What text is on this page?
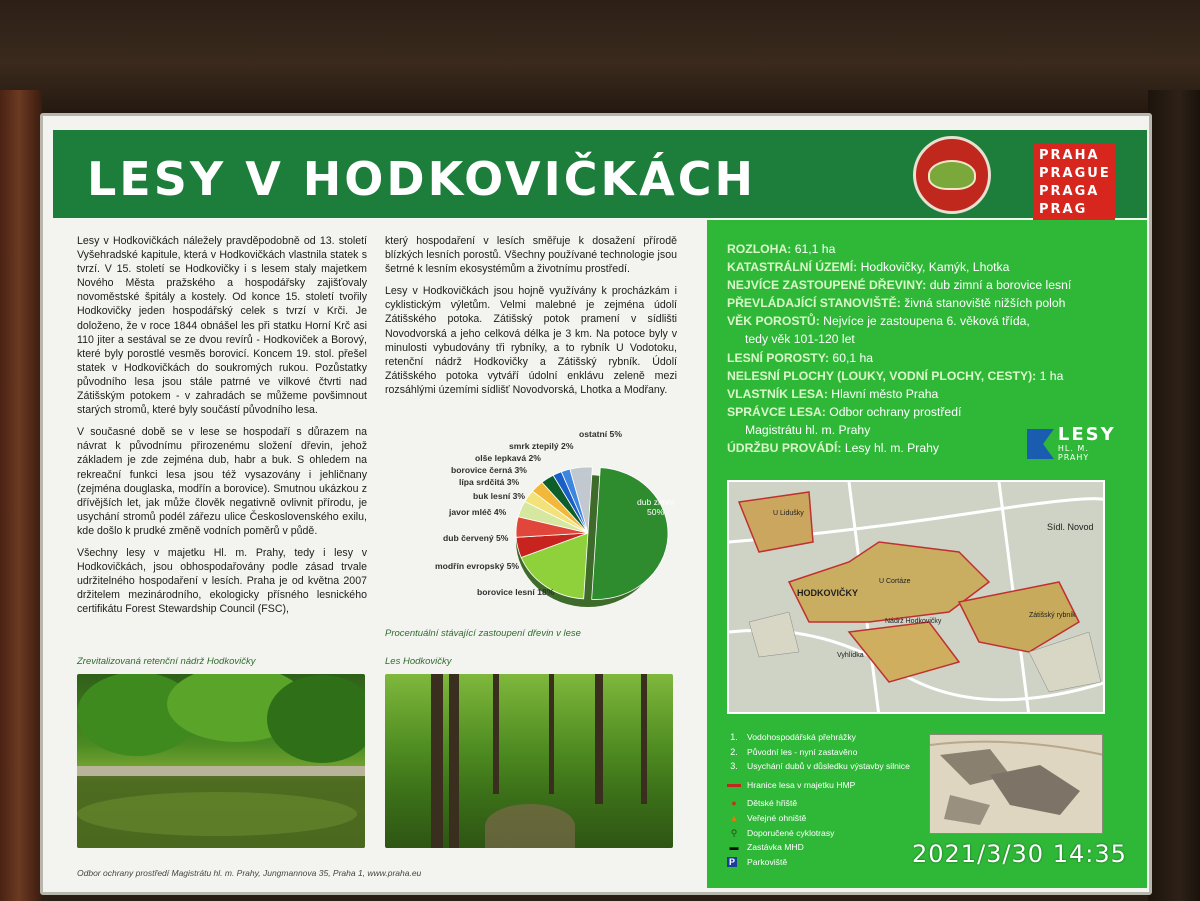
LESY V HODKOVIČKÁCH	PRAHA
PRAGUE
PRAGA
PRAG

Lesy v Hodkovičkách náležely pravděpodobně od 13. století Vyšehradské kapitule, která v Hodkovičkách vlastnila statek s tvrzí. V 15. století se Hodkovičky i s lesem staly majetkem Nového Města pražského a hospodářsky zajišťovaly novoměstské špitály a kostely. Od konce 15. století tvořily Hodkovičky jeden hospodářský celek s tvrzí v Krči. Je doloženo, že v roce 1844 obnášel les při statku Horní Krč asi 110 jiter a sestával se ze dvou revírů - Hodkoviček a Borový, které byly porostlé vesměs borovicí. Koncem 19. stol. přešel statek v Hodkovičkách do soukromých rukou. Pozůstatky původního lesa jsou stále patrné ve vilkové čtvrti nad Zátišským potokem - v zahradách se můžeme povšimnout starých stromů, které byly součástí původního lesa.

V současné době se v lese se hospodaří s důrazem na návrat k původnímu přirozenému složení dřevin, jehož základem je zde zejména dub, habr a buk. S ohledem na rekreační funkci lesa jsou též vysazovány i jehličnany (zejména douglaska, modřín a borovice). Smutnou ukázkou z dřívějších let, jak může člověk negativně ovlivnit přírodu, je usychání stromů podél zářezu ulice Československého exilu, kde došlo k prudké změně vodních poměrů v půdě.

Všechny lesy v majetku Hl. m. Prahy, tedy i lesy v Hodkovičkách, jsou obhospodařovány podle zásad trvale udržitelného hospodaření v lesích. Praha je od května 2007 držitelem mezinárodního, ekologicky přísného lesnického certifikátu Forest Stewardship Council (FSC),

který hospodaření v lesích směřuje k dosažení přírodě blízkých lesních porostů. Všechny používané technologie jsou šetrné k lesním ekosystémům a životnímu prostředí.

Lesy v Hodkovičkách jsou hojně využívány k procházkám i cyklistickým výletům. Velmi malebné je zejména údolí Zátišského potoka. Zátišský potok pramení v sídlišti Novodvorská a jeho celková délka je 3 km. Na potoce byly v minulosti vybudovány tři rybníky, a to rybník U Vodotoku, retenční nádrž Hodkovičky a Zátišský rybník. Údolí Zátišského potoka vytváří údolní enklávu zeleně mezi rozsáhlými územími sídlišť Novodvorská, Lhotka a Modřany.

smrk ztepilý 2%
ostatní 5%
olše lepkavá 2%
borovice černá 3%
lípa srdčitá 3%
buk lesní 3%
javor mléč 4%
dub červený 5%
modřín evropský 5%
borovice lesní 18%
dub zimní
50%
Procentuální stávající zastoupení dřevin v lese
Zrevitalizovaná retenční nádrž Hodkovičky	Les Hodkovičky
Odbor ochrany prostředí Magistrátu hl. m. Prahy, Jungmannova 35, Praha 1, www.praha.eu
ROZLOHA: 61,1 ha
KATASTRÁLNÍ ÚZEMÍ: Hodkovičky, Kamýk, Lhotka
NEJVÍCE ZASTOUPENÉ DŘEVINY: dub zimní a borovice lesní
PŘEVLÁDAJÍCÍ STANOVIŠTĚ: živná stanoviště nižších poloh
VĚK POROSTŮ: Nejvíce je zastoupena 6. věková třída,
tedy věk 101-120 let
LESNÍ POROSTY: 60,1 ha
NELESNÍ PLOCHY (LOUKY, VODNÍ PLOCHY, CESTY): 1 ha
VLASTNÍK LESA: Hlavní město Praha
SPRÁVCE LESA: Odbor ochrany prostředí
Magistrátu hl. m. Prahy
ÚDRŽBU PROVÁDÍ: Lesy hl. m. Prahy
LESY
HL. M. PRAHY
HODKOVIČKY
U Lidušky
U Cortáze
Sídl. Novod
Zátišský rybník
Vyhlídka
Nádrž Hodkovičky
1.	Vodohospodářská přehrážky
2.	Původní les - nyní zastavěno
3.	Usychání dubů v důsledku výstavby silnice
Hranice lesa v majetku HMP
●	Dětské hřiště
▲ Veřejné ohniště
⚲	Doporučené cyklotrasy
▬ Zastávka MHD
P Parkoviště	2021/3/30 14:35
